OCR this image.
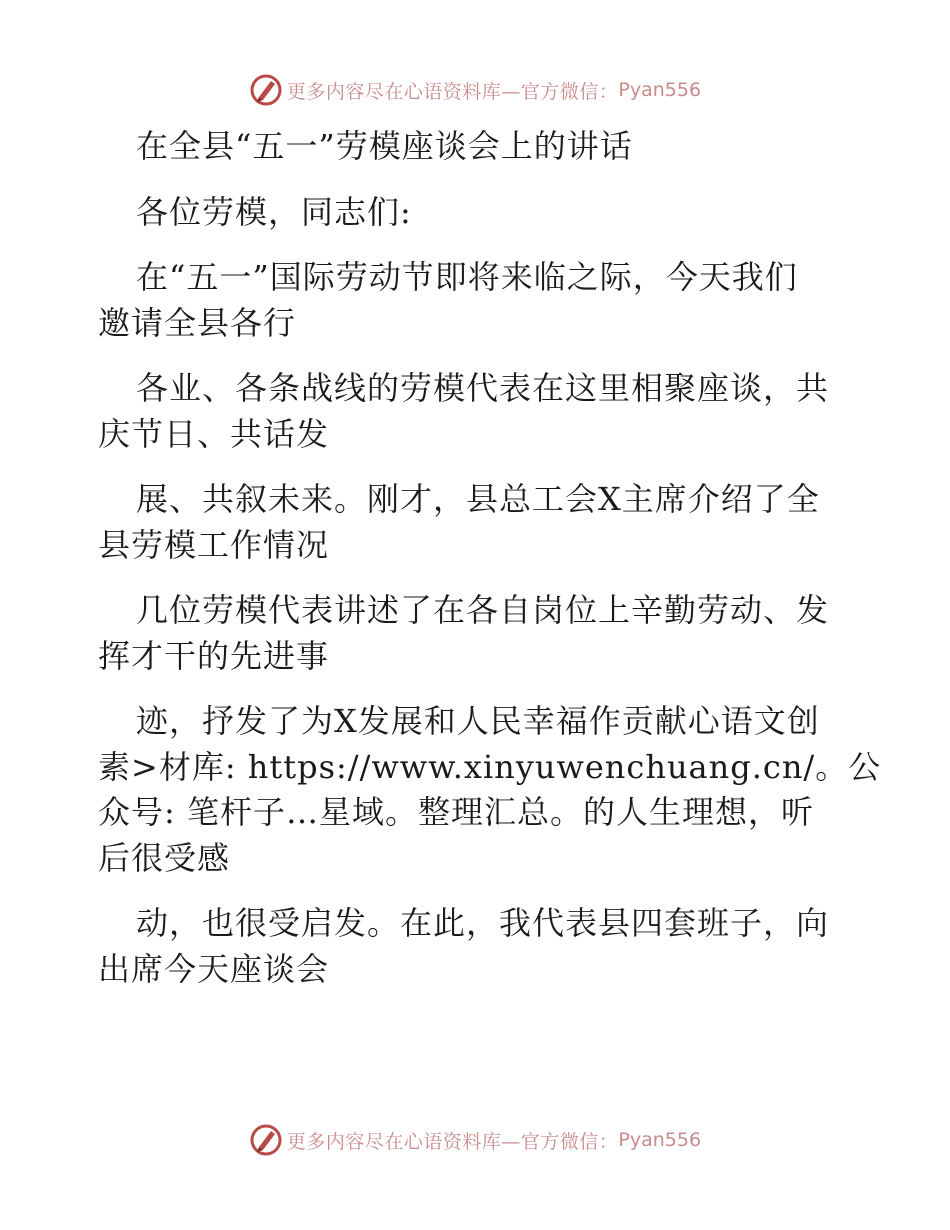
更多内容尽在心语资料库—官方微信： Pyan556

在全县“五一”劳模座谈会上的讲话

各位劳模，同志们:

在“五一”国际劳动节即将来临之际，今天我们

邀请全县各行

各业、各条战线的劳模代表在这里相聚座谈，共

庆节日、共话发

展、共叙未来。刚才，县总工会X主席介绍了全

县劳模工作情况

几位劳模代表讲述了在各自岗位上辛勤劳动、发

挥才干的先进事

迹，抒发了为X发展和人民幸福作贡献心语文创

素>材库: https://www.xinyuwenchuang.cn/。公

众号: 笔杆子…星域。整理汇总。的人生理想，听

后很受感

动，也很受启发。在此，我代表县四套班子，向

出席今天座谈会

更多内容尽在心语资料库—官方微信： Pyan556
